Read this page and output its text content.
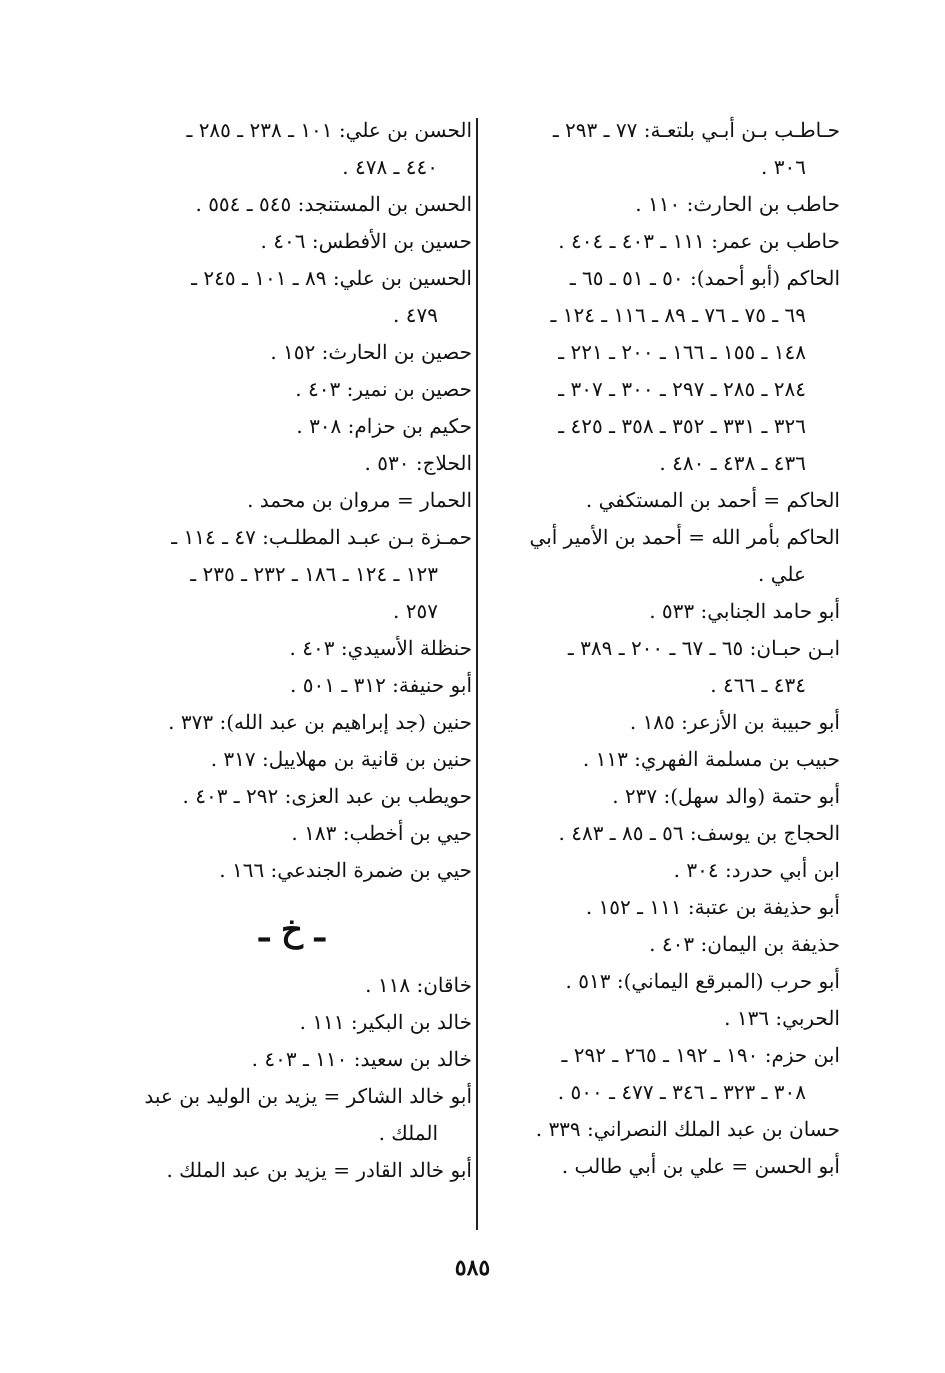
حـاطـب بـن أبـي بلتعـة: ٧٧ ـ ٢٩٣ ـ
٣٠٦ .
حاطب بن الحارث: ١١٠ .
حاطب بن عمر: ١١١ ـ ٤٠٣ ـ ٤٠٤ .
الحاكم (أبو أحمد): ٥٠ ـ ٥١ ـ ٦٥ ـ
٦٩ ـ ٧٥ ـ ٧٦ ـ ٨٩ ـ ١١٦ ـ ١٢٤ ـ
١٤٨ ـ ١٥٥ ـ ١٦٦ ـ ٢٠٠ ـ ٢٢١ ـ
٢٨٤ ـ ٢٨٥ ـ ٢٩٧ ـ ٣٠٠ ـ ٣٠٧ ـ
٣٢٦ ـ ٣٣١ ـ ٣٥٢ ـ ٣٥٨ ـ ٤٢٥ ـ
٤٣٦ ـ ٤٣٨ ـ ٤٨٠ .
الحاكم = أحمد بن المستكفي .
الحاكم بأمر الله = أحمد بن الأمير أبي
علي .
أبو حامد الجنابي: ٥٣٣ .
ابـن حبـان: ٦٥ ـ ٦٧ ـ ٢٠٠ ـ ٣٨٩ ـ
٤٣٤ ـ ٤٦٦ .
أبو حبيبة بن الأزعر: ١٨٥ .
حبيب بن مسلمة الفهري: ١١٣ .
أبو حتمة (والد سهل): ٢٣٧ .
الحجاج بن يوسف: ٥٦ ـ ٨٥ ـ ٤٨٣ .
ابن أبي حدرد: ٣٠٤ .
أبو حذيفة بن عتبة: ١١١ ـ ١٥٢ .
حذيفة بن اليمان: ٤٠٣ .
أبو حرب (المبرقع اليماني): ٥١٣ .
الحربي: ١٣٦ .
ابن حزم: ١٩٠ ـ ١٩٢ ـ ٢٦٥ ـ ٢٩٢ ـ
٣٠٨ ـ ٣٢٣ ـ ٣٤٦ ـ ٤٧٧ ـ ٥٠٠ .
حسان بن عبد الملك النصراني: ٣٣٩ .
أبو الحسن = علي بن أبي طالب .
الحسن بن علي: ١٠١ ـ ٢٣٨ ـ ٢٨٥ ـ
٤٤٠ ـ ٤٧٨ .
الحسن بن المستنجد: ٥٤٥ ـ ٥٥٤ .
حسين بن الأفطس: ٤٠٦ .
الحسين بن علي: ٨٩ ـ ١٠١ ـ ٢٤٥ ـ
٤٧٩ .
حصين بن الحارث: ١٥٢ .
حصين بن نمير: ٤٠٣ .
حكيم بن حزام: ٣٠٨ .
الحلاج: ٥٣٠ .
الحمار = مروان بن محمد .
حمـزة بـن عبـد المطلـب: ٤٧ ـ ١١٤ ـ
١٢٣ ـ ١٢٤ ـ ١٨٦ ـ ٢٣٢ ـ ٢٣٥ ـ
٢٥٧ .
حنظلة الأسيدي: ٤٠٣ .
أبو حنيفة: ٣١٢ ـ ٥٠١ .
حنين (جد إبراهيم بن عبد الله): ٣٧٣ .
حنين بن قانية بن مهلاييل: ٣١٧ .
حويطب بن عبد العزى: ٢٩٢ ـ ٤٠٣ .
حيي بن أخطب: ١٨٣ .
حيي بن ضمرة الجندعي: ١٦٦ .
ـ خ ـ
خاقان: ١١٨ .
خالد بن البكير: ١١١ .
خالد بن سعيد: ١١٠ ـ ٤٠٣ .
أبو خالد الشاكر = يزيد بن الوليد بن عبد
الملك .
أبو خالد القادر = يزيد بن عبد الملك .
٥٨٥
